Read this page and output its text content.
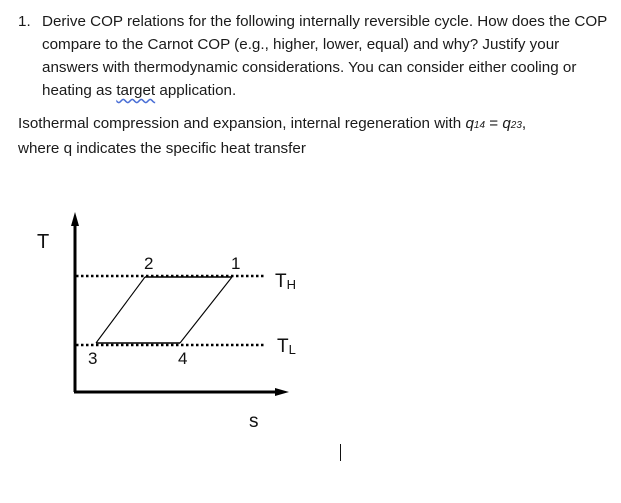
1. Derive COP relations for the following internally reversible cycle. How does the COP compare to the Carnot COP (e.g., higher, lower, equal) and why? Justify your answers with thermodynamic considerations. You can consider either cooling or heating as target application.
Isothermal compression and expansion, internal regeneration with q14 = q23,
where q indicates the specific heat transfer
T
s
1
2
3	4
TH
TL
